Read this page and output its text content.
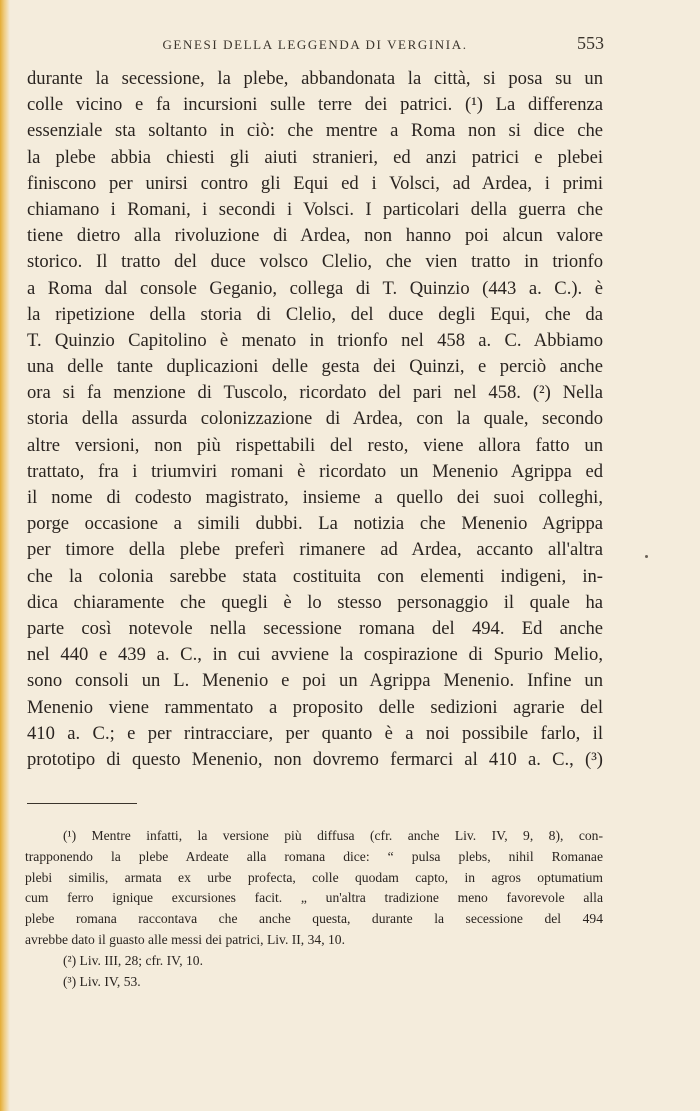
GENESI DELLA LEGGENDA DI VERGINIA.	553
durante la secessione, la plebe, abbandonata la città, si posa su un
colle vicino e fa incursioni sulle terre dei patrici. (¹) La differenza
essenziale sta soltanto in ciò: che mentre a Roma non si dice che
la plebe abbia chiesti gli aiuti stranieri, ed anzi patrici e plebei
finiscono per unirsi contro gli Equi ed i Volsci, ad Ardea, i primi
chiamano i Romani, i secondi i Volsci. I particolari della guerra che
tiene dietro alla rivoluzione di Ardea, non hanno poi alcun valore
storico. Il tratto del duce volsco Clelio, che vien tratto in trionfo
a Roma dal console Geganio, collega di T. Quinzio (443 a. C.). è
la ripetizione della storia di Clelio, del duce degli Equi, che da
T. Quinzio Capitolino è menato in trionfo nel 458 a. C. Abbiamo
una delle tante duplicazioni delle gesta dei Quinzi, e perciò anche
ora si fa menzione di Tuscolo, ricordato del pari nel 458. (²) Nella
storia della assurda colonizzazione di Ardea, con la quale, secondo
altre versioni, non più rispettabili del resto, viene allora fatto un
trattato, fra i triumviri romani è ricordato un Menenio Agrippa ed
il nome di codesto magistrato, insieme a quello dei suoi colleghi,
porge occasione a simili dubbi. La notizia che Menenio Agrippa
per timore della plebe preferì rimanere ad Ardea, accanto all'altra
che la colonia sarebbe stata costituita con elementi indigeni, in-
dica chiaramente che quegli è lo stesso personaggio il quale ha
parte così notevole nella secessione romana del 494. Ed anche
nel 440 e 439 a. C., in cui avviene la cospirazione di Spurio Melio,
sono consoli un L. Menenio e poi un Agrippa Menenio. Infine un
Menenio viene rammentato a proposito delle sedizioni agrarie del
410 a. C.; e per rintracciare, per quanto è a noi possibile farlo, il
prototipo di questo Menenio, non dovremo fermarci al 410 a. C., (³)
(¹) Mentre infatti, la versione più diffusa (cfr. anche Liv. IV, 9, 8), con-
trapponendo la plebe Ardeate alla romana dice: “ pulsa plebs, nihil Romanae
plebi similis, armata ex urbe profecta, colle quodam capto, in agros optumatium
cum ferro ignique excursiones facit. „ un'altra tradizione meno favorevole alla
plebe romana raccontava che anche questa, durante la secessione del 494
avrebbe dato il guasto alle messi dei patrici, Liv. II, 34, 10.
(²) Liv. III, 28; cfr. IV, 10.
(³) Liv. IV, 53.
